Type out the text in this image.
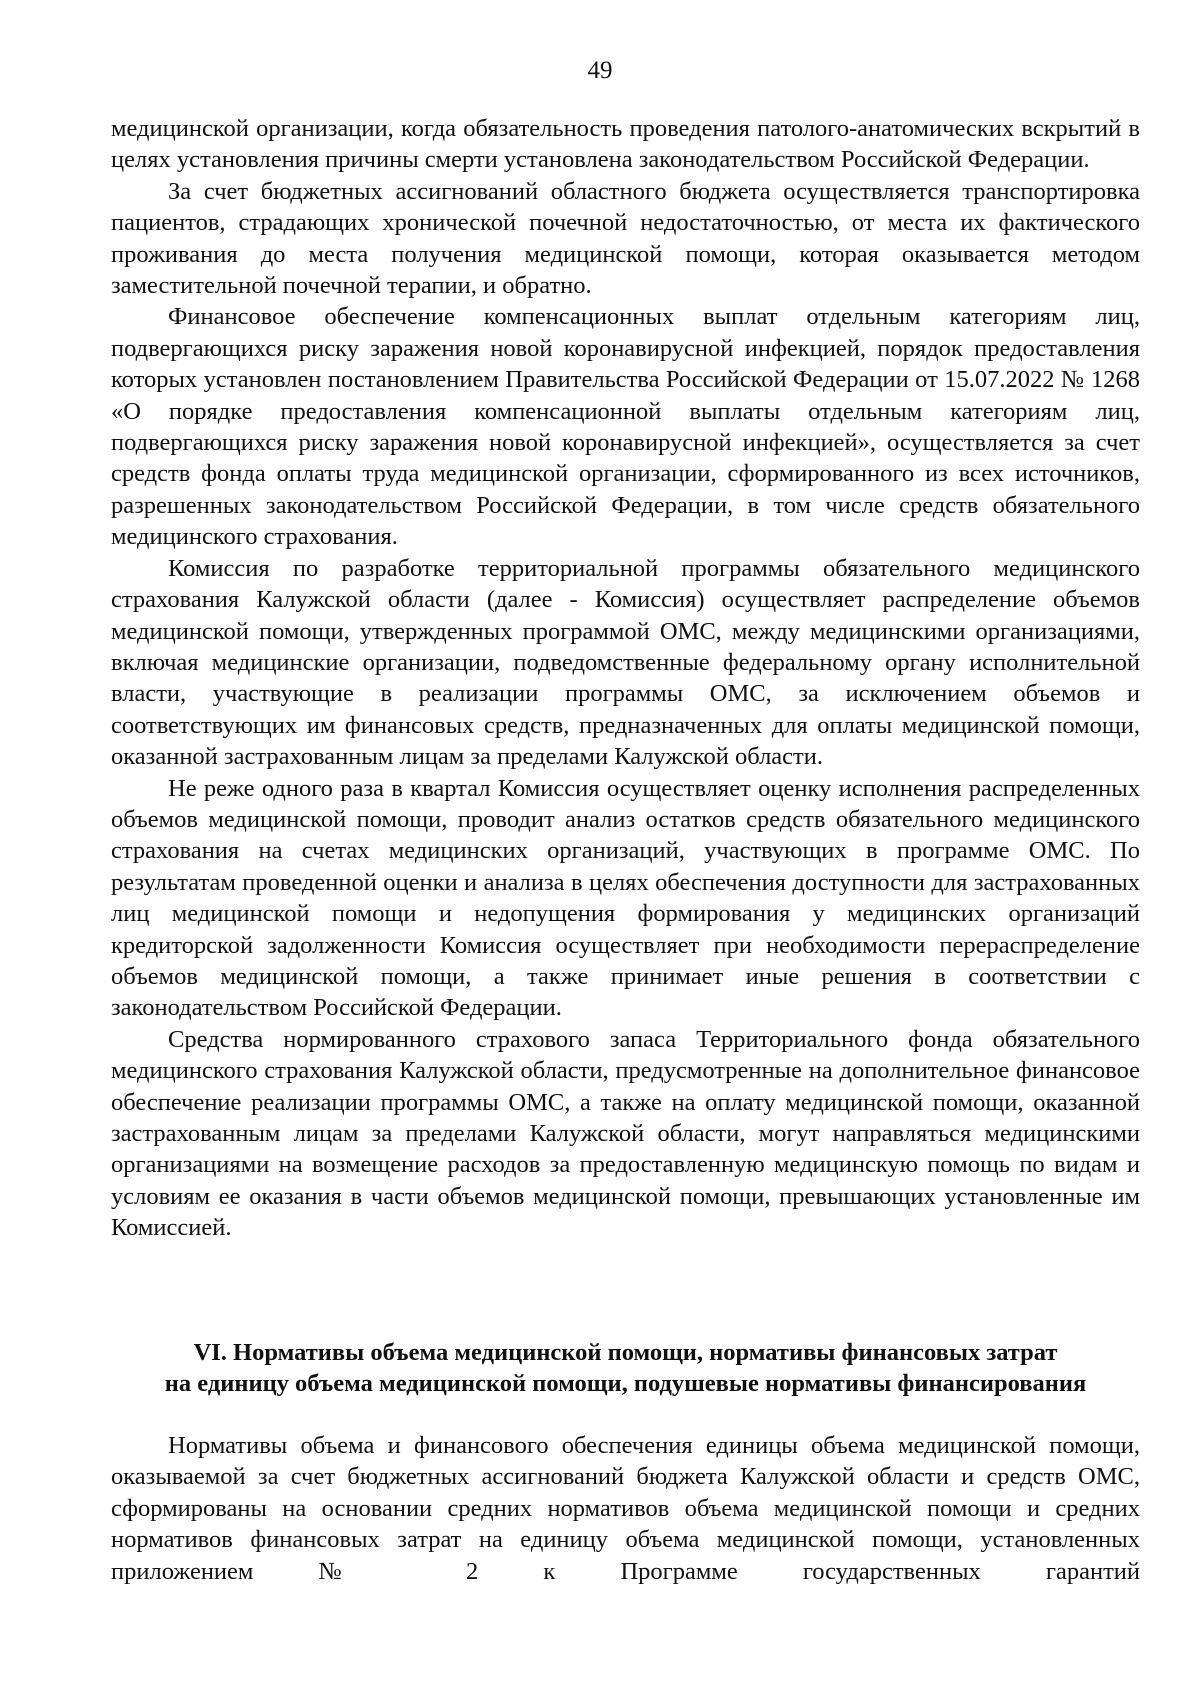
49

медицинской организации, когда обязательность проведения патолого-анатомических вскрытий в целях установления причины смерти установлена законодательством Российской Федерации.

За счет бюджетных ассигнований областного бюджета осуществляется транспортировка пациентов, страдающих хронической почечной недостаточностью, от места их фактического проживания до места получения медицинской помощи, которая оказывается методом заместительной почечной терапии, и обратно.

Финансовое обеспечение компенсационных выплат отдельным категориям лиц, подвергающихся риску заражения новой коронавирусной инфекцией, порядок предоставления которых установлен постановлением Правительства Российской Федерации от 15.07.2022 № 1268 «О порядке предоставления компенсационной выплаты отдельным категориям лиц, подвергающихся риску заражения новой коронавирусной инфекцией», осуществляется за счет средств фонда оплаты труда медицинской организации, сформированного из всех источников, разрешенных законодательством Российской Федерации, в том числе средств обязательного медицинского страхования.

Комиссия по разработке территориальной программы обязательного медицинского страхования Калужской области (далее - Комиссия) осуществляет распределение объемов медицинской помощи, утвержденных программой ОМС, между медицинскими организациями, включая медицинские организации, подведомственные федеральному органу исполнительной власти, участвующие в реализации программы ОМС, за исключением объемов и соответствующих им финансовых средств, предназначенных для оплаты медицинской помощи, оказанной застрахованным лицам за пределами Калужской области.

Не реже одного раза в квартал Комиссия осуществляет оценку исполнения распределенных объемов медицинской помощи, проводит анализ остатков средств обязательного медицинского страхования на счетах медицинских организаций, участвующих в программе ОМС. По результатам проведенной оценки и анализа в целях обеспечения доступности для застрахованных лиц медицинской помощи и недопущения формирования у медицинских организаций кредиторской задолженности Комиссия осуществляет при необходимости перераспределение объемов медицинской помощи, а также принимает иные решения в соответствии с законодательством Российской Федерации.

Средства нормированного страхового запаса Территориального фонда обязательного медицинского страхования Калужской области, предусмотренные на дополнительное финансовое обеспечение реализации программы ОМС, а также на оплату медицинской помощи, оказанной застрахованным лицам за пределами Калужской области, могут направляться медицинскими организациями на возмещение расходов за предоставленную медицинскую помощь по видам и условиям ее оказания в части объемов медицинской помощи, превышающих установленные им Комиссией.

VI. Нормативы объема медицинской помощи, нормативы финансовых затрат
на единицу объема медицинской помощи, подушевые нормативы финансирования

Нормативы объема и финансового обеспечения единицы объема медицинской помощи, оказываемой за счет бюджетных ассигнований бюджета Калужской области и средств ОМС, сформированы на основании средних нормативов объема медицинской помощи и средних нормативов финансовых затрат на единицу объема медицинской помощи, установленных приложением № 2 к Программе государственных гарантий
